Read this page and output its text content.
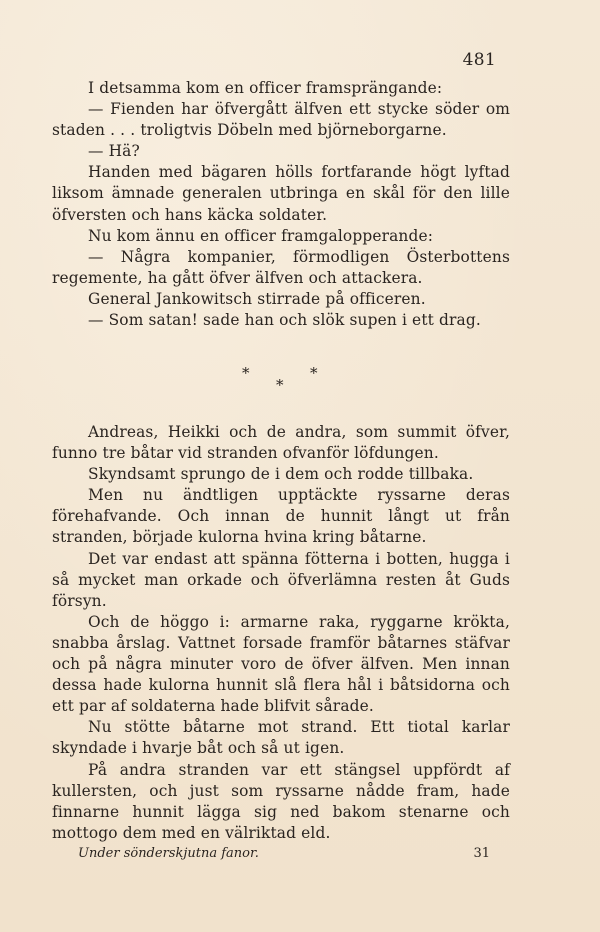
481

I detsamma kom en officer framsprängande:

— Fienden har öfvergått älfven ett stycke söder om staden . . . troligtvis Döbeln med björneborgarne.

— Hä?

Handen med bägaren hölls fortfarande högt lyftad liksom ämnade generalen utbringa en skål för den lille öfversten och hans käcka soldater.

Nu kom ännu en officer framgalopperande:

— Några kompanier, förmodligen Österbottens regemente, ha gått öfver älfven och attackera.

General Jankowitsch stirrade på officeren.

— Som satan! sade han och slök supen i ett drag.

*	*
*

Andreas, Heikki och de andra, som summit öfver, funno tre båtar vid stranden ofvanför löfdungen.

Skyndsamt sprungo de i dem och rodde tillbaka.

Men nu ändtligen upptäckte ryssarne deras förehafvande. Och innan de hunnit långt ut från stranden, började kulorna hvina kring båtarne.

Det var endast att spänna fötterna i botten, hugga i så mycket man orkade och öfverlämna resten åt Guds försyn.

Och de höggo i: armarne raka, ryggarne krökta, snabba årslag. Vattnet forsade framför båtarnes stäfvar och på några minuter voro de öfver älfven. Men innan dessa hade kulorna hunnit slå flera hål i båtsidorna och ett par af soldaterna hade blifvit sårade.

Nu stötte båtarne mot strand. Ett tiotal karlar skyndade i hvarje båt och så ut igen.

På andra stranden var ett stängsel uppfördt af kullersten, och just som ryssarne nådde fram, hade finnarne hunnit lägga sig ned bakom stenarne och mottogo dem med en välriktad eld.

Under sönderskjutna fanor.	31
